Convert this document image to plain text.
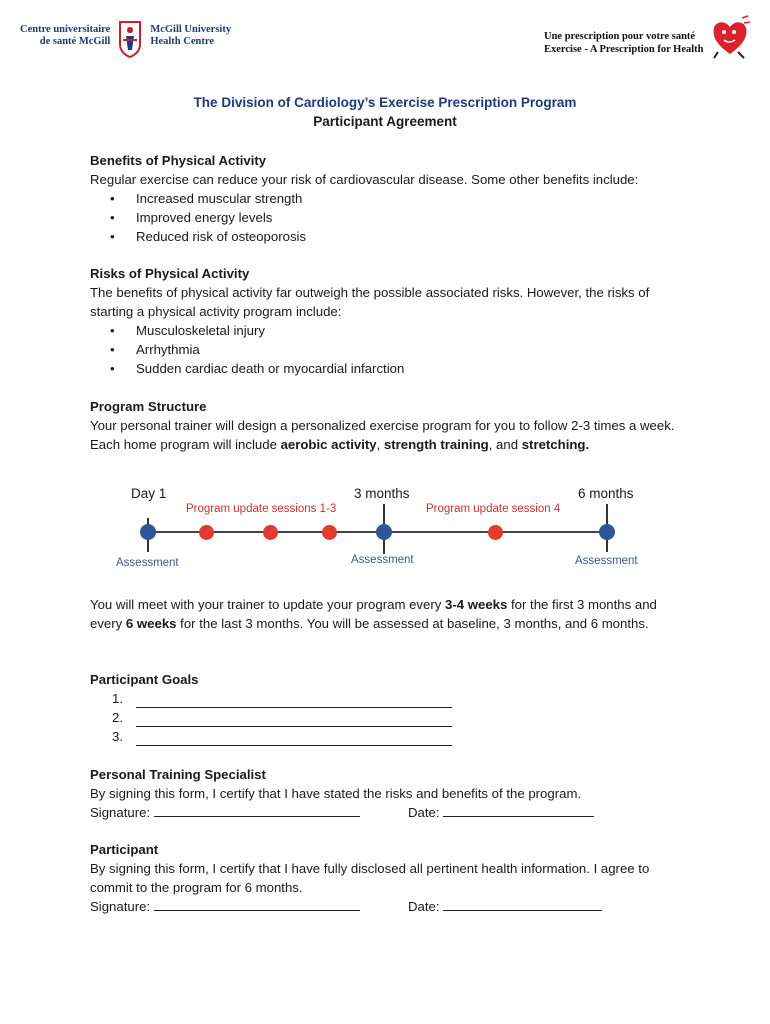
Centre universitaire
de santé McGill
McGill University
Health Centre	Une prescription pour votre santé
Exercise - A Prescription for Health
The Division of Cardiology’s Exercise Prescription Program
Participant Agreement
Benefits of Physical Activity
Regular exercise can reduce your risk of cardiovascular disease. Some other benefits include:
• Increased muscular strength
• Improved energy levels
• Reduced risk of osteoporosis
Risks of Physical Activity
The benefits of physical activity far outweigh the possible associated risks. However, the risks of starting a physical activity program include:
• Musculoskeletal injury
• Arrhythmia
• Sudden cardiac death or myocardial infarction
Program Structure
Your personal trainer will design a personalized exercise program for you to follow 2-3 times a week. Each home program will include aerobic activity, strength training, and stretching.
Day 1	3 months	6 months
Program update sessions 1-3	Program update session 4
Assessment	Assessment	Assessment
You will meet with your trainer to update your program every 3-4 weeks for the first 3 months and every 6 weeks for the last 3 months. You will be assessed at baseline, 3 months, and 6 months.
Participant Goals
1.
2.
3.
Personal Training Specialist
By signing this form, I certify that I have stated the risks and benefits of the program.
Signature:	Date:
Participant
By signing this form, I certify that I have fully disclosed all pertinent health information. I agree to commit to the program for 6 months.
Signature:	Date:
